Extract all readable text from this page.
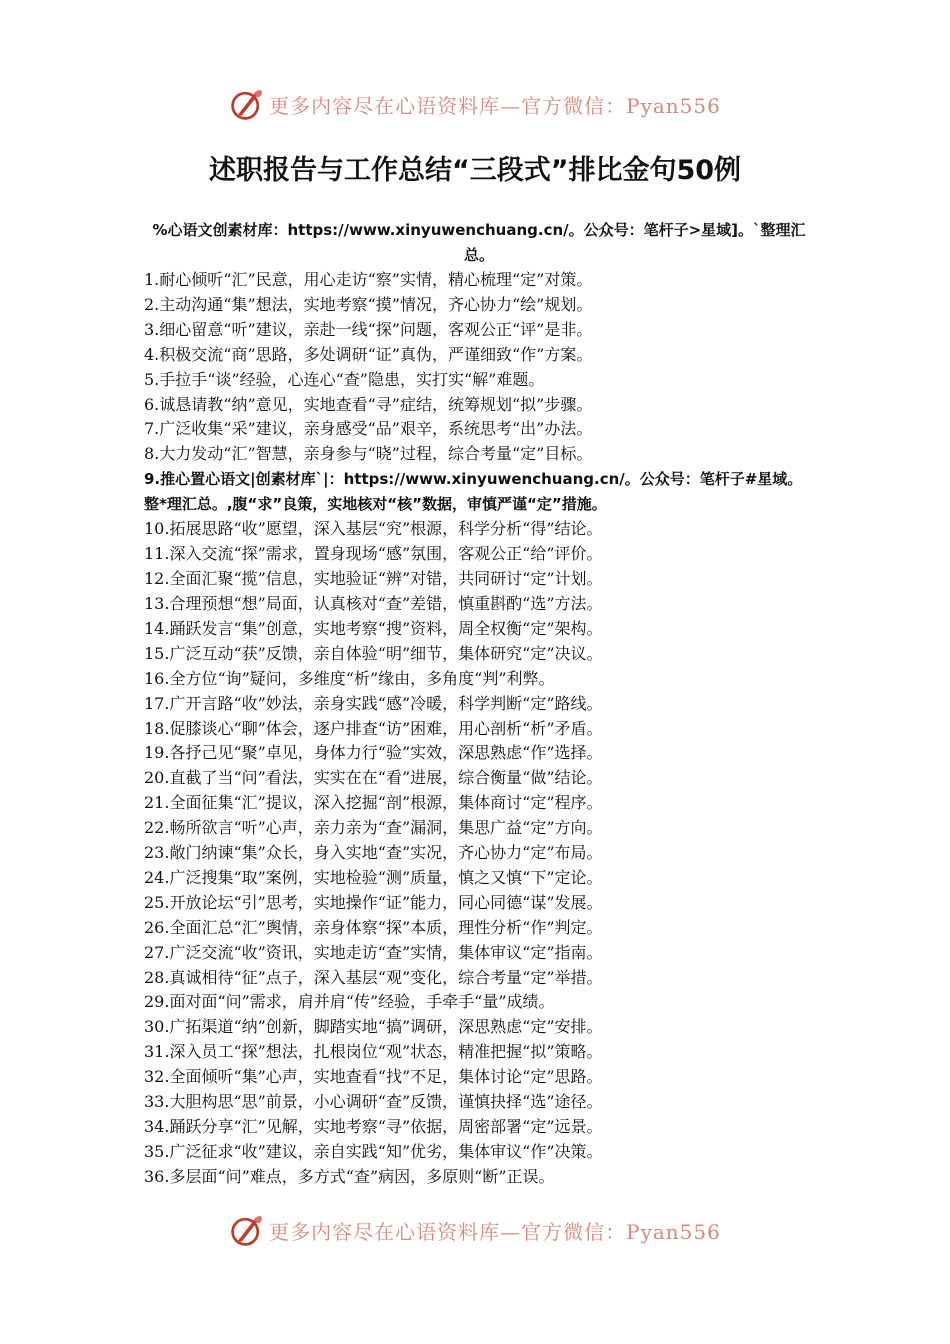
更多内容尽在心语资料库—官方微信：Pyan556
述职报告与工作总结“三段式”排比金句50例
%心语文创素材库：https://www.xinyuwenchuang.cn/。公众号：笔杆子>星域]。`整理汇总。
1.耐心倾听“汇”民意，用心走访“察”实情，精心梳理“定”对策。
2.主动沟通“集”想法，实地考察“摸”情况，齐心协力“绘”规划。
3.细心留意“听”建议，亲赴一线“探”问题，客观公正“评”是非。
4.积极交流“商”思路，多处调研“证”真伪，严谨细致“作”方案。
5.手拉手“谈”经验，心连心“查”隐患，实打实“解”难题。
6.诚恳请教“纳”意见，实地查看“寻”症结，统筹规划“拟”步骤。
7.广泛收集“采”建议，亲身感受“品”艰辛，系统思考“出”办法。
8.大力发动“汇”智慧，亲身参与“晓”过程，综合考量“定”目标。
9.推心置心语文|创素材库`|：https://www.xinyuwenchuang.cn/。公众号：笔杆子#星域。整*理汇总。,腹“求”良策，实地核对“核”数据，审慎严谨“定”措施。
10.拓展思路“收”愿望，深入基层“究”根源，科学分析“得”结论。
11.深入交流“探”需求，置身现场“感”氛围，客观公正“给”评价。
12.全面汇聚“揽”信息，实地验证“辨”对错，共同研讨“定”计划。
13.合理预想“想”局面，认真核对“查”差错，慎重斟酌“选”方法。
14.踊跃发言“集”创意，实地考察“搜”资料，周全权衡“定”架构。
15.广泛互动“获”反馈，亲自体验“明”细节，集体研究“定”决议。
16.全方位“询”疑问，多维度“析”缘由，多角度“判”利弊。
17.广开言路“收”妙法，亲身实践“感”冷暖，科学判断“定”路线。
18.促膝谈心“聊”体会，逐户排查“访”困难，用心剖析“析”矛盾。
19.各抒己见“聚”卓见，身体力行“验”实效，深思熟虑“作”选择。
20.直截了当“问”看法，实实在在“看”进展，综合衡量“做”结论。
21.全面征集“汇”提议，深入挖掘“剖”根源，集体商讨“定”程序。
22.畅所欲言“听”心声，亲力亲为“查”漏洞，集思广益“定”方向。
23.敞门纳谏“集”众长，身入实地“查”实况，齐心协力“定”布局。
24.广泛搜集“取”案例，实地检验“测”质量，慎之又慎“下”定论。
25.开放论坛“引”思考，实地操作“证”能力，同心同德“谋”发展。
26.全面汇总“汇”舆情，亲身体察“探”本质，理性分析“作”判定。
27.广泛交流“收”资讯，实地走访“查”实情，集体审议“定”指南。
28.真诚相待“征”点子，深入基层“观”变化，综合考量“定”举措。
29.面对面“问”需求，肩并肩“传”经验，手牵手“量”成绩。
30.广拓渠道“纳”创新，脚踏实地“搞”调研，深思熟虑“定”安排。
31.深入员工“探”想法，扎根岗位“观”状态，精准把握“拟”策略。
32.全面倾听“集”心声，实地查看“找”不足，集体讨论“定”思路。
33.大胆构思“思”前景，小心调研“查”反馈，谨慎抉择“选”途径。
34.踊跃分享“汇”见解，实地考察“寻”依据，周密部署“定”远景。
35.广泛征求“收”建议，亲自实践“知”优劣，集体审议“作”决策。
36.多层面“问”难点，多方式“查”病因，多原则“断”正误。
更多内容尽在心语资料库—官方微信：Pyan556
